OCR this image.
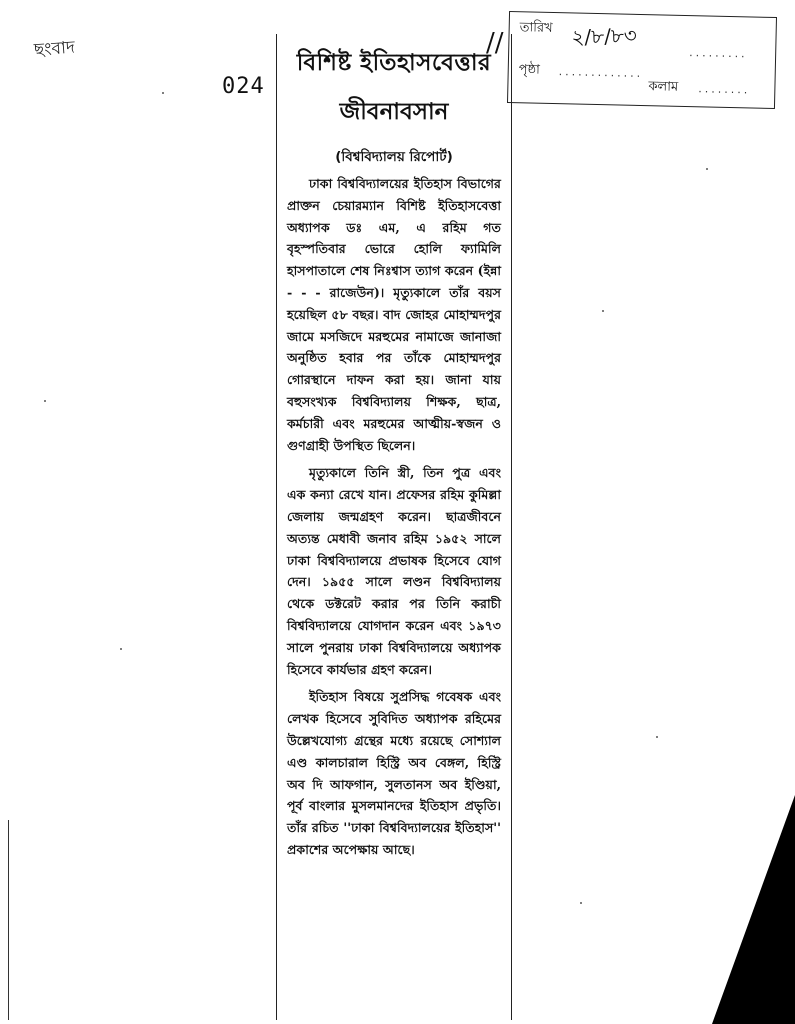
ছংবাদ
024
তারিখ ২/৮/৮৩
.........
পৃষ্ঠা .............
কলাম ........
//
বিশিষ্ট ইতিহাসবেত্তার
জীবনাবসান
(বিশ্ববিদ্যালয় রিপোর্ট)

ঢাকা বিশ্ববিদ্যালয়ের ইতিহাস বিভাগের প্রাক্তন চেয়ারম্যান বিশিষ্ট ইতিহাসবেত্তা অধ্যাপক ডঃ এম, এ রহিম গত বৃহস্পতিবার ভোরে হোলি ফ্যামিলি হাসপাতালে শেষ নিঃশ্বাস ত্যাগ করেন (ইন্না - - - রাজেউন)। মৃত্যুকালে তাঁর বয়স হয়েছিল ৫৮ বছর। বাদ জোহর মোহাম্মদপুর জামে মসজিদে মরহুমের নামাজে জানাজা অনুষ্ঠিত হবার পর তাঁকে মোহাম্মদপুর গোরস্থানে দাফন করা হয়। জানা যায় বহুসংখ্যক বিশ্ববিদ্যালয় শিক্ষক, ছাত্র, কর্মচারী এবং মরহুমের আত্মীয়-স্বজন ও গুণগ্রাহী উপস্থিত ছিলেন।

মৃত্যুকালে তিনি স্ত্রী, তিন পুত্র এবং এক কন্যা রেখে যান। প্রফেসর রহিম কুমিল্লা জেলায় জন্মগ্রহণ করেন। ছাত্রজীবনে অত্যন্ত মেধাবী জনাব রহিম ১৯৫২ সালে ঢাকা বিশ্ববিদ্যালয়ে প্রভাষক হিসেবে যোগ দেন। ১৯৫৫ সালে লণ্ডন বিশ্ববিদ্যালয় থেকে ডক্টরেট করার পর তিনি করাচী বিশ্ববিদ্যালয়ে যোগদান করেন এবং ১৯৭৩ সালে পুনরায় ঢাকা বিশ্ববিদ্যালয়ে অধ্যাপক হিসেবে কার্যভার গ্রহণ করেন।

ইতিহাস বিষয়ে সুপ্রসিদ্ধ গবেষক এবং লেখক হিসেবে সুবিদিত অধ্যাপক রহিমের উল্লেখযোগ্য গ্রন্থের মধ্যে রয়েছে সোশ্যাল এণ্ড কালচারাল হিস্ট্রি অব বেঙ্গল, হিস্ট্রি অব দি আফগান, সুলতানস অব ইণ্ডিয়া, পূর্ব বাংলার মুসলমানদের ইতিহাস প্রভৃতি। তাঁর রচিত ''ঢাকা বিশ্ববিদ্যালয়ের ইতিহাস'' প্রকাশের অপেক্ষায় আছে।
